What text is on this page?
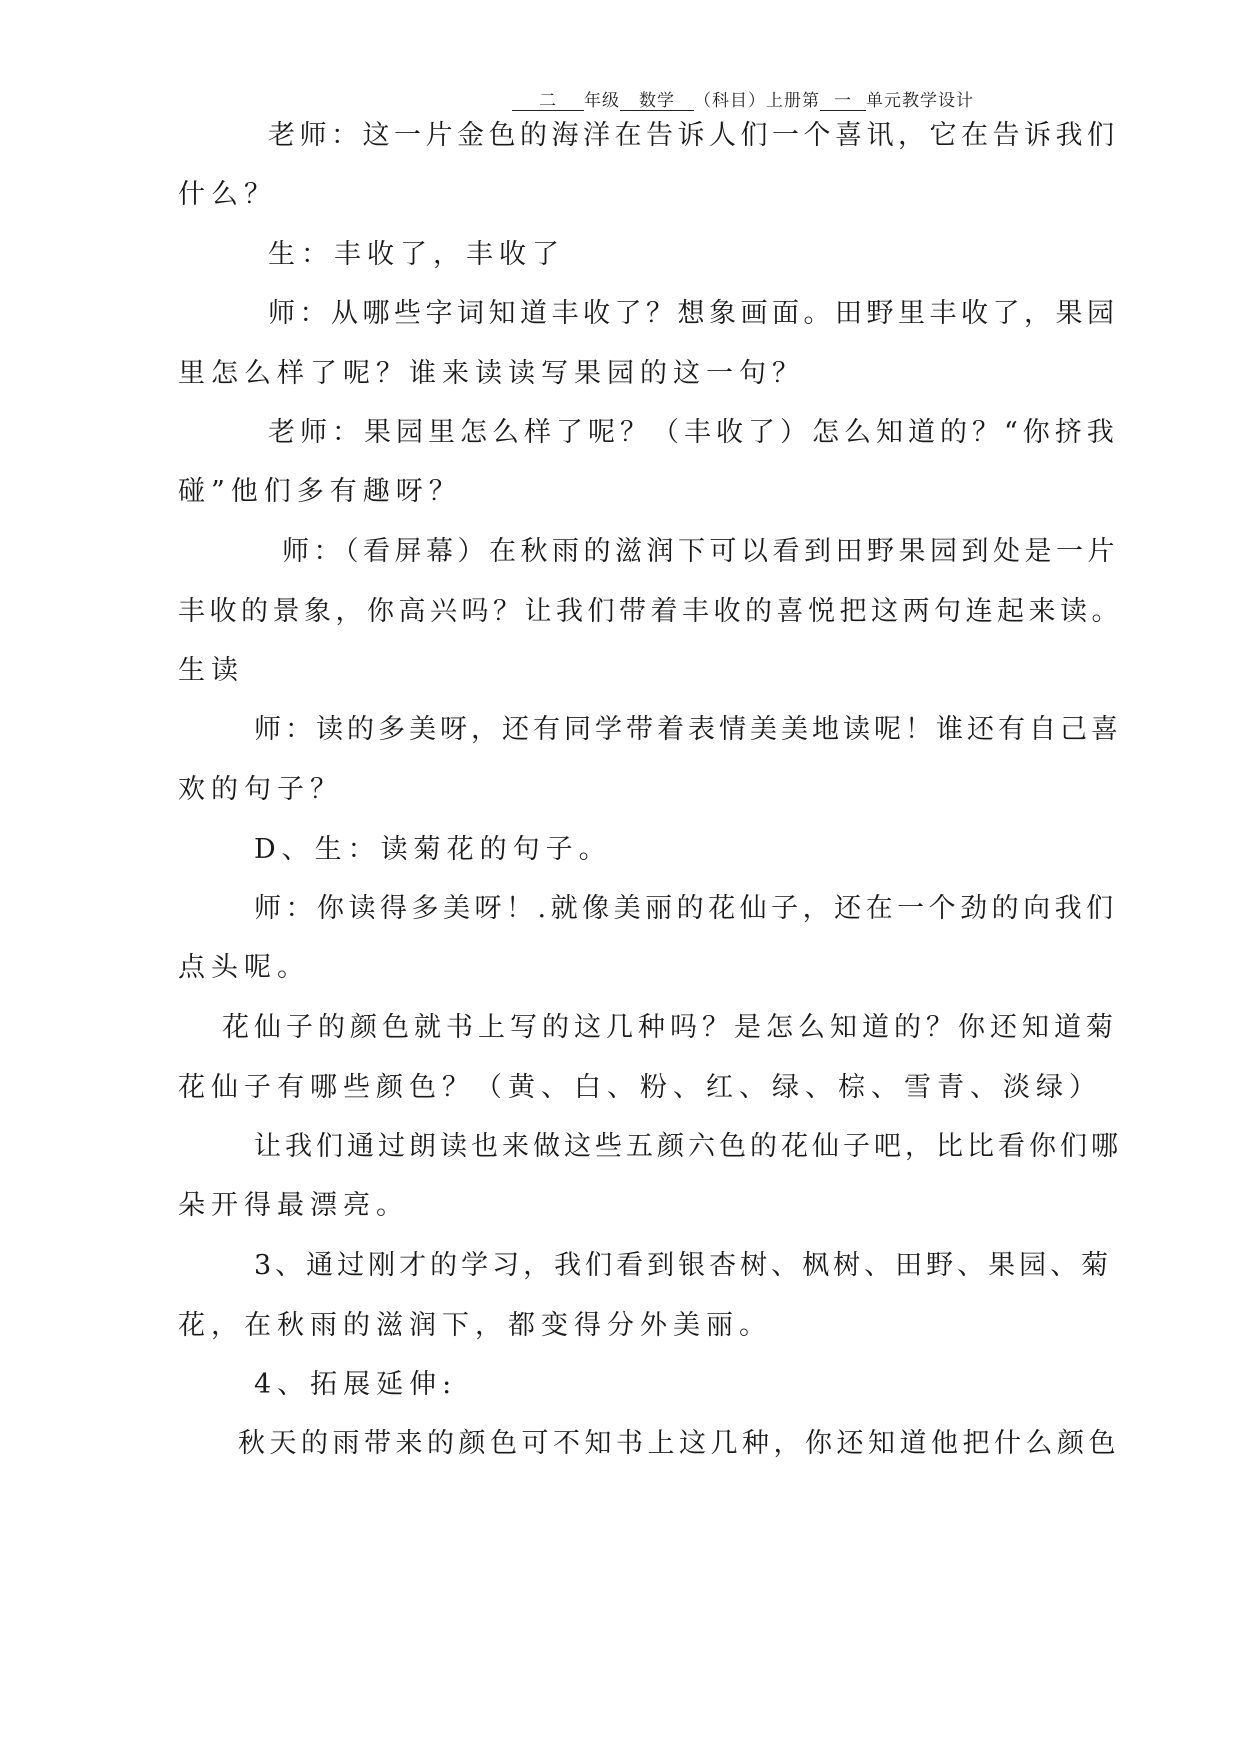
二 年级 数学 （科目）上册第 一 单元教学设计
老师：这一片金色的海洋在告诉人们一个喜讯，它在告诉我们
什么？
生：丰收了，丰收了
师：从哪些字词知道丰收了？想象画面。田野里丰收了，果园
里怎么样了呢？谁来读读写果园的这一句？
老师：果园里怎么样了呢？（丰收了）怎么知道的？“你挤我
碰”他们多有趣呀？
师：（看屏幕）在秋雨的滋润下可以看到田野果园到处是一片
丰收的景象，你高兴吗？让我们带着丰收的喜悦把这两句连起来读。
生读
师：读的多美呀，还有同学带着表情美美地读呢！谁还有自己喜
欢的句子？
D、生：读菊花的句子。
师：你读得多美呀！.就像美丽的花仙子，还在一个劲的向我们
点头呢。
花仙子的颜色就书上写的这几种吗？是怎么知道的？你还知道菊
花仙子有哪些颜色？（黄、白、粉、红、绿、棕、雪青、淡绿）
让我们通过朗读也来做这些五颜六色的花仙子吧，比比看你们哪
朵开得最漂亮。
3、通过刚才的学习，我们看到银杏树、枫树、田野、果园、菊
花，在秋雨的滋润下，都变得分外美丽。
4、拓展延伸:
秋天的雨带来的颜色可不知书上这几种，你还知道他把什么颜色
